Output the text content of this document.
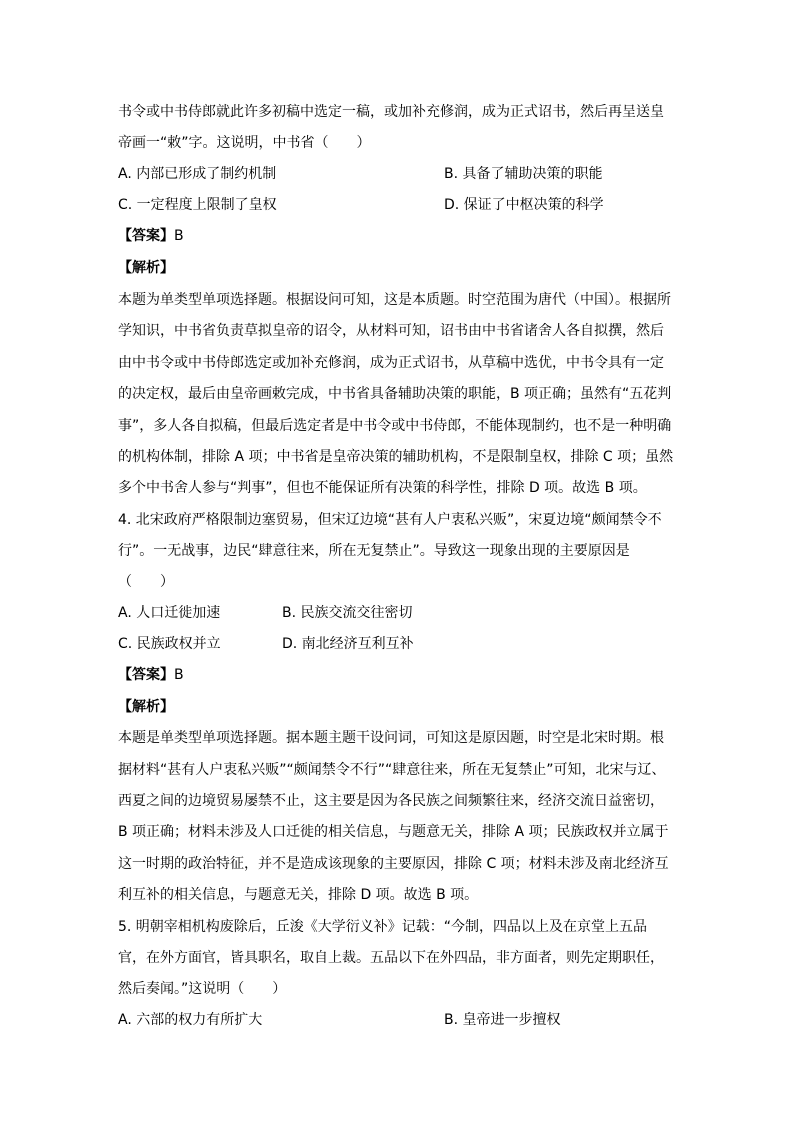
书令或中书侍郎就此许多初稿中选定一稿，或加补充修润，成为正式诏书，然后再呈送皇
帝画一“敕”字。这说明，中书省（　　）
A. 内部已形成了制约机制	B. 具备了辅助决策的职能
C. 一定程度上限制了皇权	D. 保证了中枢决策的科学
【答案】B
【解析】
本题为单类型单项选择题。根据设问可知，这是本质题。时空范围为唐代（中国）。根据所
学知识，中书省负责草拟皇帝的诏令，从材料可知，诏书由中书省诸舍人各自拟撰，然后
由中书令或中书侍郎选定或加补充修润，成为正式诏书，从草稿中选优，中书令具有一定
的决定权，最后由皇帝画敕完成，中书省具备辅助决策的职能，B 项正确；虽然有“五花判
事”，多人各自拟稿，但最后选定者是中书令或中书侍郎，不能体现制约，也不是一种明确
的机构体制，排除 A 项；中书省是皇帝决策的辅助机构，不是限制皇权，排除 C 项；虽然
多个中书舍人参与“判事”，但也不能保证所有决策的科学性，排除 D 项。故选 B 项。
4. 北宋政府严格限制边塞贸易，但宋辽边境“甚有人户衷私兴贩”，宋夏边境“颇闻禁令不
行”。一无战事，边民“肆意往来，所在无复禁止”。导致这一现象出现的主要原因是
（　　）
A. 人口迁徙加速	B. 民族交流交往密切
C. 民族政权并立	D. 南北经济互利互补
【答案】B
【解析】
本题是单类型单项选择题。据本题主题干设问词，可知这是原因题，时空是北宋时期。根
据材料“甚有人户衷私兴贩”“颇闻禁令不行”“肆意往来，所在无复禁止”可知，北宋与辽、
西夏之间的边境贸易屡禁不止，这主要是因为各民族之间频繁往来，经济交流日益密切，
B 项正确；材料未涉及人口迁徙的相关信息，与题意无关，排除 A 项；民族政权并立属于
这一时期的政治特征，并不是造成该现象的主要原因，排除 C 项；材料未涉及南北经济互
利互补的相关信息，与题意无关，排除 D 项。故选 B 项。
5. 明朝宰相机构废除后，丘浚《大学衍义补》记载：“今制，四品以上及在京堂上五品
官，在外方面官，皆具职名，取自上裁。五品以下在外四品，非方面者，则先定期职任，
然后奏闻。”这说明（　　）
A. 六部的权力有所扩大	B. 皇帝进一步擅权
